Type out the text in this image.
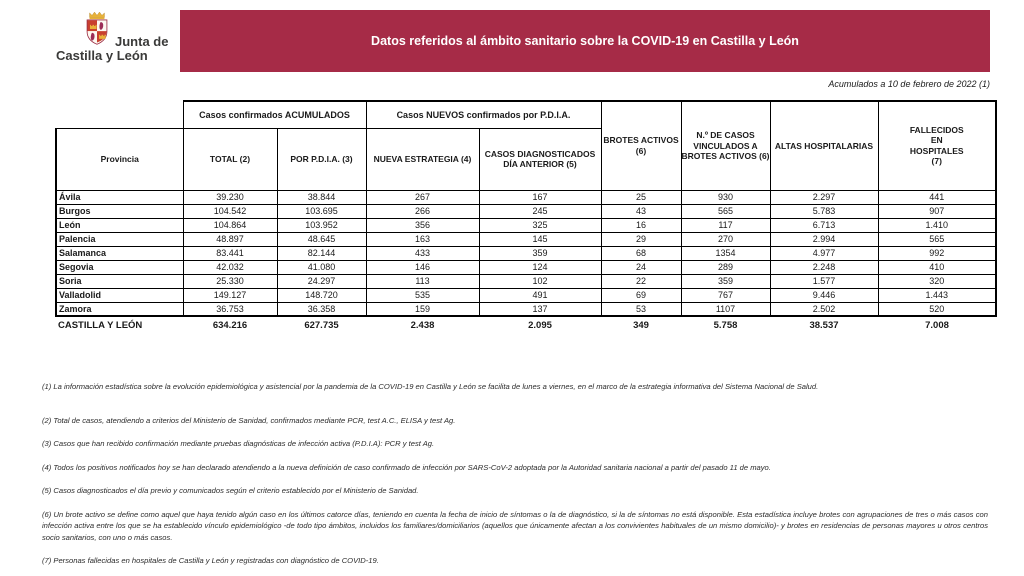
Junta de
Castilla y León
Datos referidos al ámbito sanitario sobre la COVID-19 en Castilla y León
Acumulados a 10 de febrero de 2022 (1)
	Casos confirmados ACUMULADOS		Casos NUEVOS confirmados por P.D.I.A.		BROTES ACTIVOS (6)	N.º DE CASOS VINCULADOS A BROTES ACTIVOS (6)	ALTAS HOSPITALARIAS	FALLECIDOS EN HOSPITALES (7)
Provincia	TOTAL (2)	POR P.D.I.A. (3)	NUEVA ESTRATEGIA (4)	CASOS DIAGNOSTICADOS DÍA ANTERIOR (5)				
Ávila	39.230	38.844	267	167	25	930	2.297	441
Burgos	104.542	103.695	266	245	43	565	5.783	907
León	104.864	103.952	356	325	16	117	6.713	1.410
Palencia	48.897	48.645	163	145	29	270	2.994	565
Salamanca	83.441	82.144	433	359	68	1354	4.977	992
Segovia	42.032	41.080	146	124	24	289	2.248	410
Soria	25.330	24.297	113	102	22	359	1.577	320
Valladolid	149.127	148.720	535	491	69	767	9.446	1.443
Zamora	36.753	36.358	159	137	53	1107	2.502	520
CASTILLA Y LEÓN	634.216	627.735	2.438	2.095	349	5.758	38.537	7.008

(1) La información estadística sobre la evolución epidemiológica y asistencial por la pandemia de la COVID-19 en Castilla y León se facilita de lunes a viernes, en el marco de la estrategia informativa del Sistema Nacional de Salud.

(2) Total de casos, atendiendo a criterios del Ministerio de Sanidad, confirmados mediante PCR, test A.C., ELISA y test Ag.

(3) Casos que han recibido confirmación mediante pruebas diagnósticas de infección activa (P.D.I.A): PCR y test Ag.

(4) Todos los positivos notificados hoy se han declarado atendiendo a la nueva definición de caso confirmado de infección por SARS-CoV-2 adoptada por la Autoridad sanitaria nacional a partir del pasado 11 de mayo.

(5) Casos diagnosticados el día previo y comunicados según el criterio establecido por el Ministerio de Sanidad.

(6) Un brote activo se define como aquel que haya tenido algún caso en los últimos catorce días, teniendo en cuenta la fecha de inicio de síntomas o la de diagnóstico, si la de síntomas no está disponible. Esta estadística incluye brotes con agrupaciones de tres o más casos con infección activa entre los que se ha establecido vínculo epidemiológico -de todo tipo ámbitos, incluidos los familiares/domiciliarios (aquellos que únicamente afectan a los convivientes habituales de un mismo domicilio)- y brotes en residencias de personas mayores u otros centros socio sanitarios, con uno o más casos.

(7) Personas fallecidas en hospitales de Castilla y León y registradas con diagnóstico de COVID-19.
